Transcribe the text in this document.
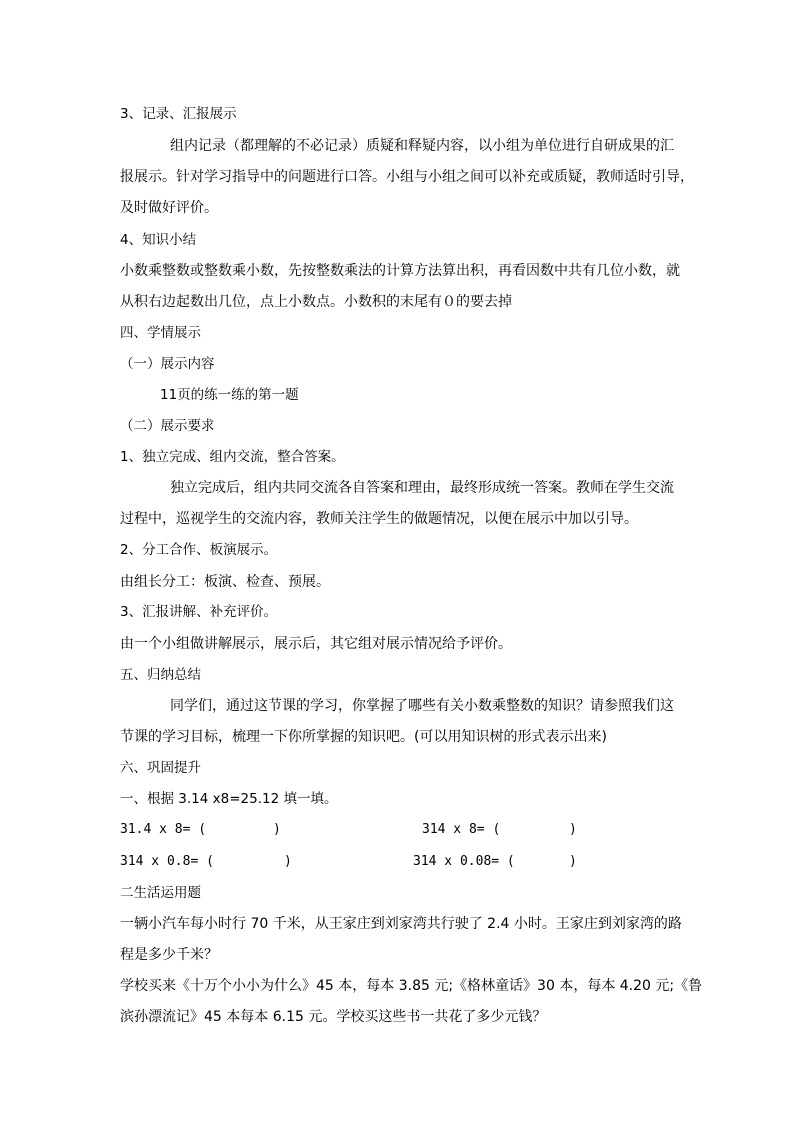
3、记录、汇报展示
组内记录（都理解的不必记录）质疑和释疑内容，以小组为单位进行自研成果的汇
报展示。针对学习指导中的问题进行口答。小组与小组之间可以补充或质疑，教师适时引导，
及时做好评价。
4、知识小结
小数乘整数或整数乘小数，先按整数乘法的计算方法算出积，再看因数中共有几位小数，就
从积右边起数出几位，点上小数点。小数积的末尾有０的要去掉
四、学情展示
（一）展示内容
11页的练一练的第一题
（二）展示要求
1、独立完成、组内交流，整合答案。
独立完成后，组内共同交流各自答案和理由，最终形成统一答案。教师在学生交流
过程中，巡视学生的交流内容，教师关注学生的做题情况，以便在展示中加以引导。
2、分工合作、板演展示。
由组长分工：板演、检查、预展。
3、汇报讲解、补充评价。
由一个小组做讲解展示，展示后，其它组对展示情况给予评价。
五、归纳总结
同学们，通过这节课的学习，你掌握了哪些有关小数乘整数的知识？请参照我们这
节课的学习目标，梳理一下你所掌握的知识吧。(可以用知识树的形式表示出来)
六、巩固提升
一、根据 3.14 x8=25.12 填一填。
31.4 x 8= (	)	314 x 8= (	)
314 x 0.8= (	)	314 x 0.08= (	)
二生活运用题
一辆小汽车每小时行 70 千米，从王家庄到刘家湾共行驶了 2.4 小时。王家庄到刘家湾的路
程是多少千米？
学校买来《十万个小小为什么》45 本，每本 3.85 元;《格林童话》30 本，每本 4.20 元;《鲁
滨孙漂流记》45 本每本 6.15 元。学校买这些书一共花了多少元钱？
